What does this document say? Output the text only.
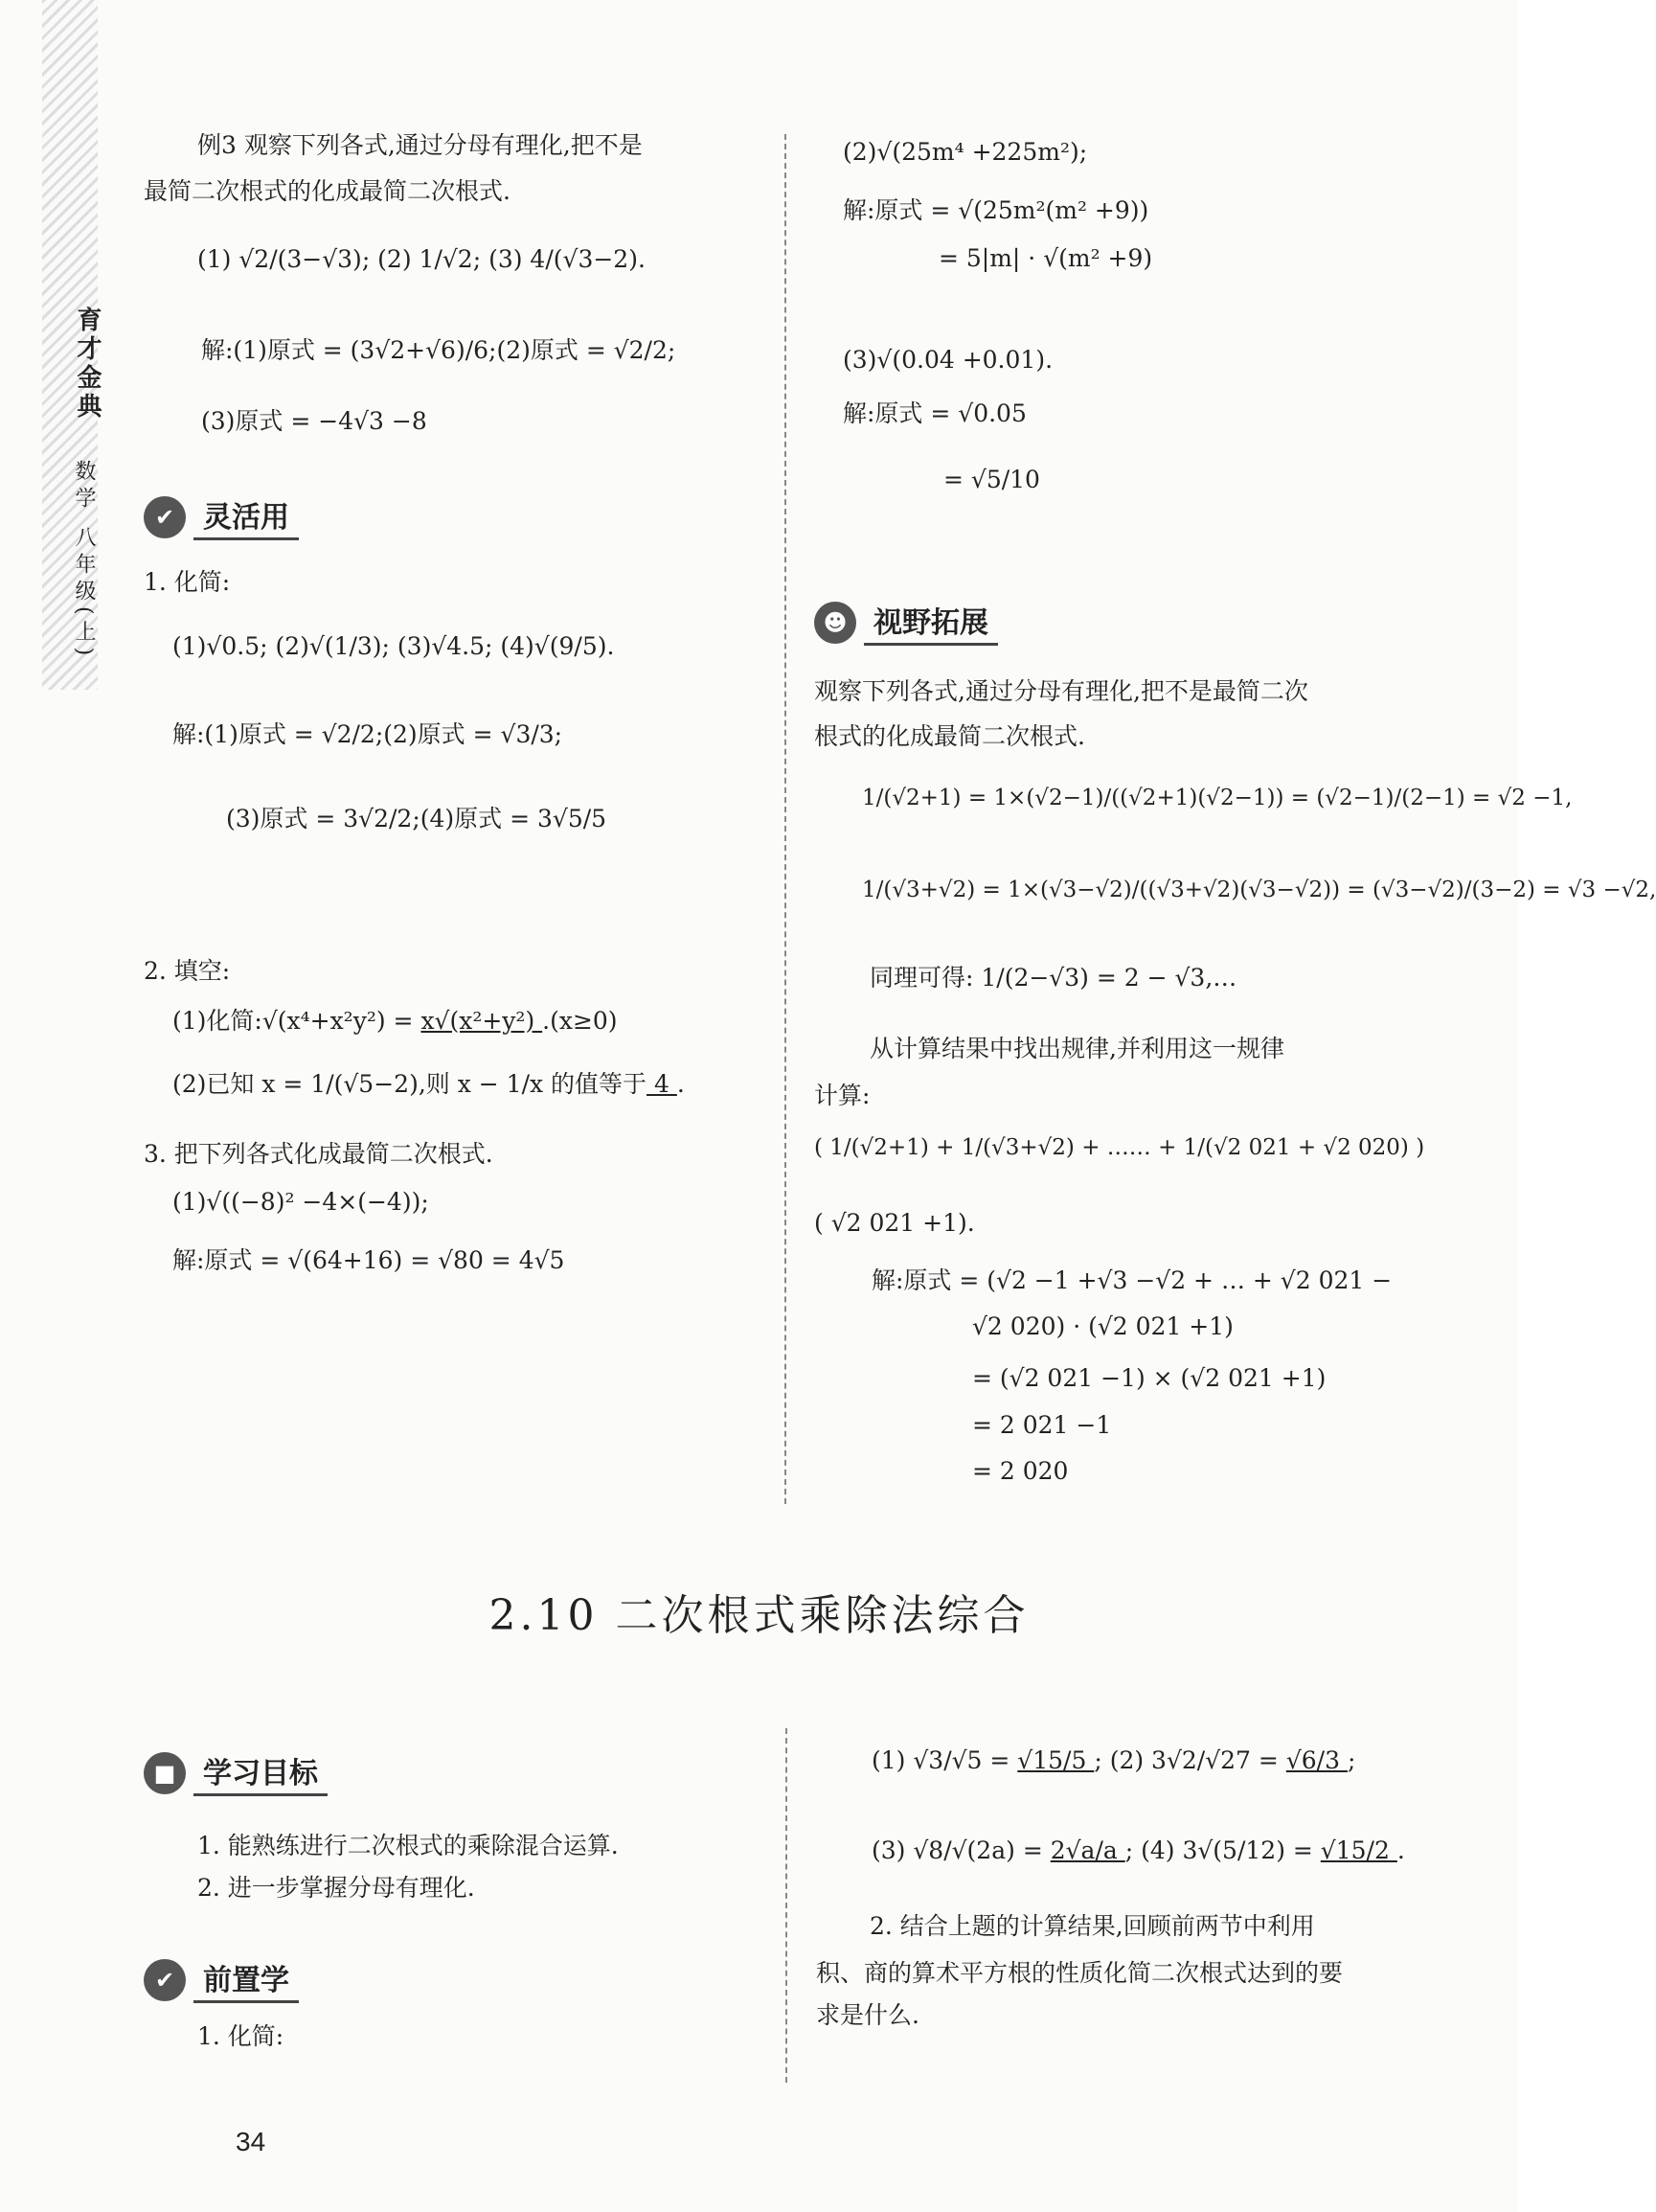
育才金典
数学 八年级(上)
例3 观察下列各式,通过分母有理化,把不是
最简二次根式的化成最简二次根式.
(1) √2/(3−√3); (2) 1/√2; (3) 4/(√3−2).
解:(1)原式 = (3√2+√6)/6;(2)原式 = √2/2;
(3)原式 = −4√3 −8
✔ 灵活用
1. 化简:
(1)√0.5; (2)√(1/3); (3)√4.5; (4)√(9/5).
解:(1)原式 = √2/2;(2)原式 = √3/3;
(3)原式 = 3√2/2;(4)原式 = 3√5/5
2. 填空:
(1)化简:√(x⁴+x²y²) = x√(x²+y²) .(x≥0)
(2)已知 x = 1/(√5−2),则 x − 1/x 的值等于 4 .
3. 把下列各式化成最简二次根式.
(1)√((−8)² −4×(−4));
解:原式 = √(64+16) = √80 = 4√5
(2)√(25m⁴ +225m²);
解:原式 = √(25m²(m² +9))
= 5|m| · √(m² +9)
(3)√(0.04 +0.01).
解:原式 = √0.05
= √5/10
☻ 视野拓展
观察下列各式,通过分母有理化,把不是最简二次
根式的化成最简二次根式.
1/(√2+1) = 1×(√2−1)/((√2+1)(√2−1)) = (√2−1)/(2−1) = √2 −1,
1/(√3+√2) = 1×(√3−√2)/((√3+√2)(√3−√2)) = (√3−√2)/(3−2) = √3 −√2,
同理可得: 1/(2−√3) = 2 − √3,…
从计算结果中找出规律,并利用这一规律
计算:
( 1/(√2+1) + 1/(√3+√2) + …… + 1/(√2 021 + √2 020) )
( √2 021 +1).
解:原式 = (√2 −1 +√3 −√2 + … + √2 021 −
√2 020) · (√2 021 +1)
= (√2 021 −1) × (√2 021 +1)
= 2 021 −1
= 2 020
2.10 二次根式乘除法综合
■ 学习目标
1. 能熟练进行二次根式的乘除混合运算.
2. 进一步掌握分母有理化.
✔ 前置学
1. 化简:
(1) √3/√5 = √15/5 ; (2) 3√2/√27 = √6/3 ;
(3) √8/√(2a) = 2√a/a ; (4) 3√(5/12) = √15/2 .
2. 结合上题的计算结果,回顾前两节中利用
积、商的算术平方根的性质化简二次根式达到的要
求是什么.
34
